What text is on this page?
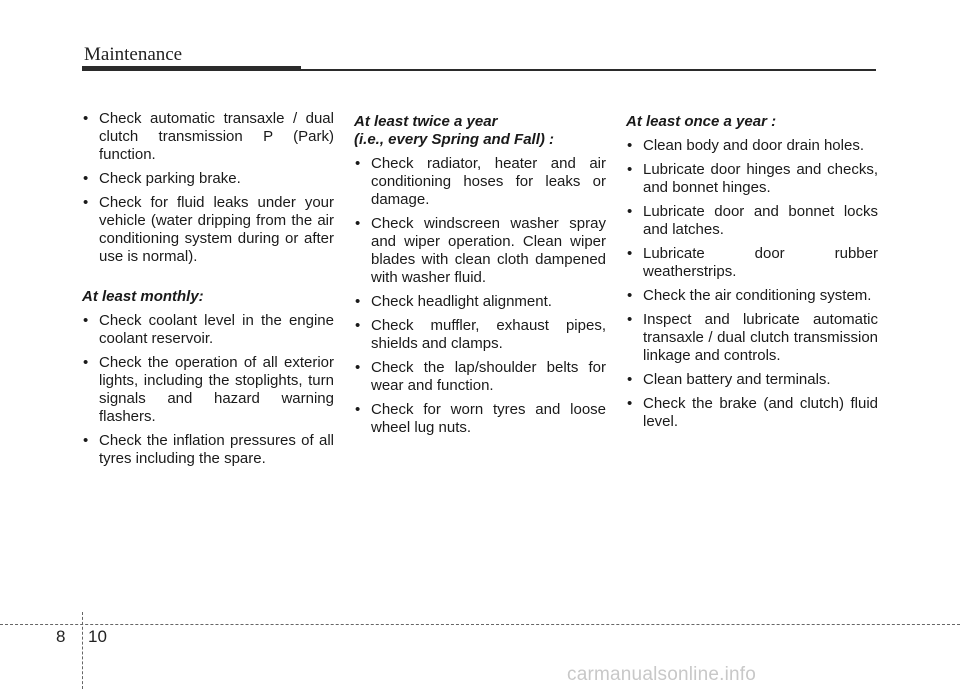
Maintenance
• Check automatic transaxle / dual clutch transmission P (Park) function.
• Check parking brake.
• Check for fluid leaks under your vehicle (water dripping from the air conditioning system during or after use is normal).
At least monthly:
• Check coolant level in the engine coolant reservoir.
• Check the operation of all exterior lights, including the stoplights, turn signals and hazard warning flashers.
• Check the inflation pressures of all tyres including the spare.
At least twice a year
(i.e., every Spring and Fall) :
• Check radiator, heater and air conditioning hoses for leaks or damage.
• Check windscreen washer spray and wiper operation. Clean wiper blades with clean cloth dampened with washer fluid.
• Check headlight alignment.
• Check muffler, exhaust pipes, shields and clamps.
• Check the lap/shoulder belts for wear and function.
• Check for worn tyres and loose wheel lug nuts.
At least once a year :
• Clean body and door drain holes.
• Lubricate door hinges and checks, and bonnet hinges.
• Lubricate door and bonnet locks and latches.
• Lubricate door rubber weatherstrips.
• Check the air conditioning system.
• Inspect and lubricate automatic transaxle / dual clutch transmission linkage and controls.
• Clean battery and terminals.
• Check the brake (and clutch) fluid level.
8 10
carmanualsonline.info
